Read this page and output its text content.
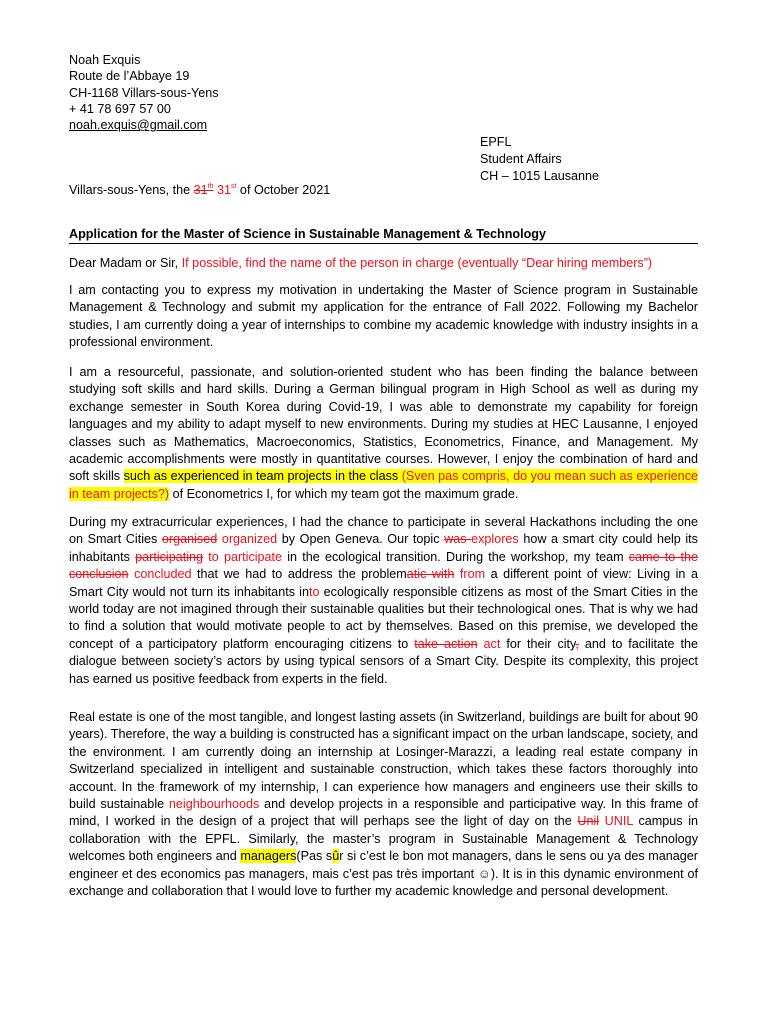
Noah Exquis
Route de l’Abbaye 19
CH-1168 Villars-sous-Yens
+ 41 78 697 57 00
noah.exquis@gmail.com
EPFL
Student Affairs
CH – 1015 Lausanne
Villars-sous-Yens, the 31th 31st of October 2021
Application for the Master of Science in Sustainable Management & Technology
Dear Madam or Sir, If possible, find the name of the person in charge (eventually “Dear hiring members”)
I am contacting you to express my motivation in undertaking the Master of Science program in Sustainable Management & Technology and submit my application for the entrance of Fall 2022. Following my Bachelor studies, I am currently doing a year of internships to combine my academic knowledge with industry insights in a professional environment.
I am a resourceful, passionate, and solution-oriented student who has been finding the balance between studying soft skills and hard skills. During a German bilingual program in High School as well as during my exchange semester in South Korea during Covid-19, I was able to demonstrate my capability for foreign languages and my ability to adapt myself to new environments. During my studies at HEC Lausanne, I enjoyed classes such as Mathematics, Macroeconomics, Statistics, Econometrics, Finance, and Management. My academic accomplishments were mostly in quantitative courses. However, I enjoy the combination of hard and soft skills such as experienced in team projects in the class (Sven pas compris, do you mean such as experience in team projects?) of Econometrics I, for which my team got the maximum grade.
During my extracurricular experiences, I had the chance to participate in several Hackathons including the one on Smart Cities organised organized by Open Geneva. Our topic was explores how a smart city could help its inhabitants participating to participate in the ecological transition. During the workshop, my team came to the conclusion concluded that we had to address the problematic with from a different point of view: Living in a Smart City would not turn its inhabitants into ecologically responsible citizens as most of the Smart Cities in the world today are not imagined through their sustainable qualities but their technological ones. That is why we had to find a solution that would motivate people to act by themselves. Based on this premise, we developed the concept of a participatory platform encouraging citizens to take action act for their city, and to facilitate the dialogue between society’s actors by using typical sensors of a Smart City. Despite its complexity, this project has earned us positive feedback from experts in the field.
Real estate is one of the most tangible, and longest lasting assets (in Switzerland, buildings are built for about 90 years). Therefore, the way a building is constructed has a significant impact on the urban landscape, society, and the environment. I am currently doing an internship at Losinger-Marazzi, a leading real estate company in Switzerland specialized in intelligent and sustainable construction, which takes these factors thoroughly into account. In the framework of my internship, I can experience how managers and engineers use their skills to build sustainable neighbourhoods and develop projects in a responsible and participative way. In this frame of mind, I worked in the design of a project that will perhaps see the light of day on the Unil UNIL campus in collaboration with the EPFL. Similarly, the master’s program in Sustainable Management & Technology welcomes both engineers and managers(Pas sûr si c’est le bon mot managers, dans le sens ou ya des manager engineer et des economics pas managers, mais c’est pas très important ☺). It is in this dynamic environment of exchange and collaboration that I would love to further my academic knowledge and personal development.
